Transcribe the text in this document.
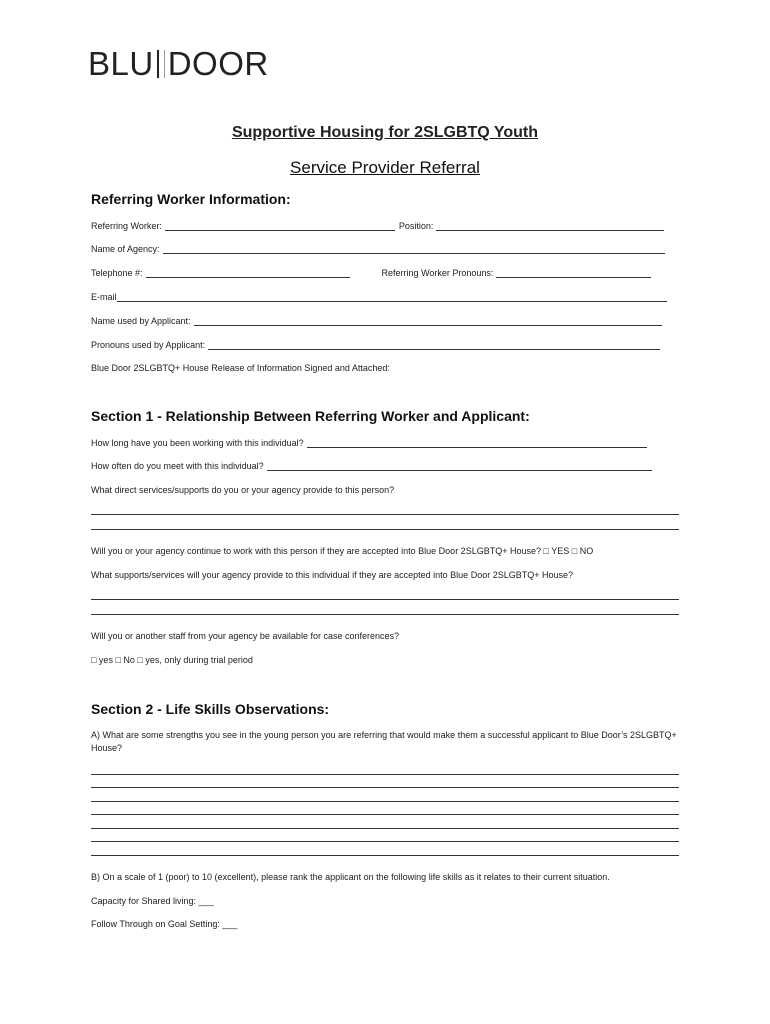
BLU DOOR
Supportive Housing for 2SLGBTQ Youth
Service Provider Referral
Referring Worker Information:
Referring Worker:	Position:
Name of Agency:
Telephone #:	Referring Worker Pronouns:
E-mail
Name used by Applicant:
Pronouns used by Applicant:
Blue Door 2SLGBTQ+ House Release of Information Signed and Attached:
Section 1 - Relationship Between Referring Worker and Applicant:
How long have you been working with this individual?
How often do you meet with this individual?
What direct services/supports do you or your agency provide to this person?
Will you or your agency continue to work with this person if they are accepted into Blue Door 2SLGBTQ+ House? □ YES □ NO
What supports/services will your agency provide to this individual if they are accepted into Blue Door 2SLGBTQ+ House?
Will you or another staff from your agency be available for case conferences?
□ yes □ No □ yes, only during trial period
Section 2 - Life Skills Observations:
A) What are some strengths you see in the young person you are referring that would make them a successful applicant to Blue Door’s 2SLGBTQ+ House?
B) On a scale of 1 (poor) to 10 (excellent), please rank the applicant on the following life skills as it relates to their current situation.
Capacity for Shared living: ___
Follow Through on Goal Setting: ___
